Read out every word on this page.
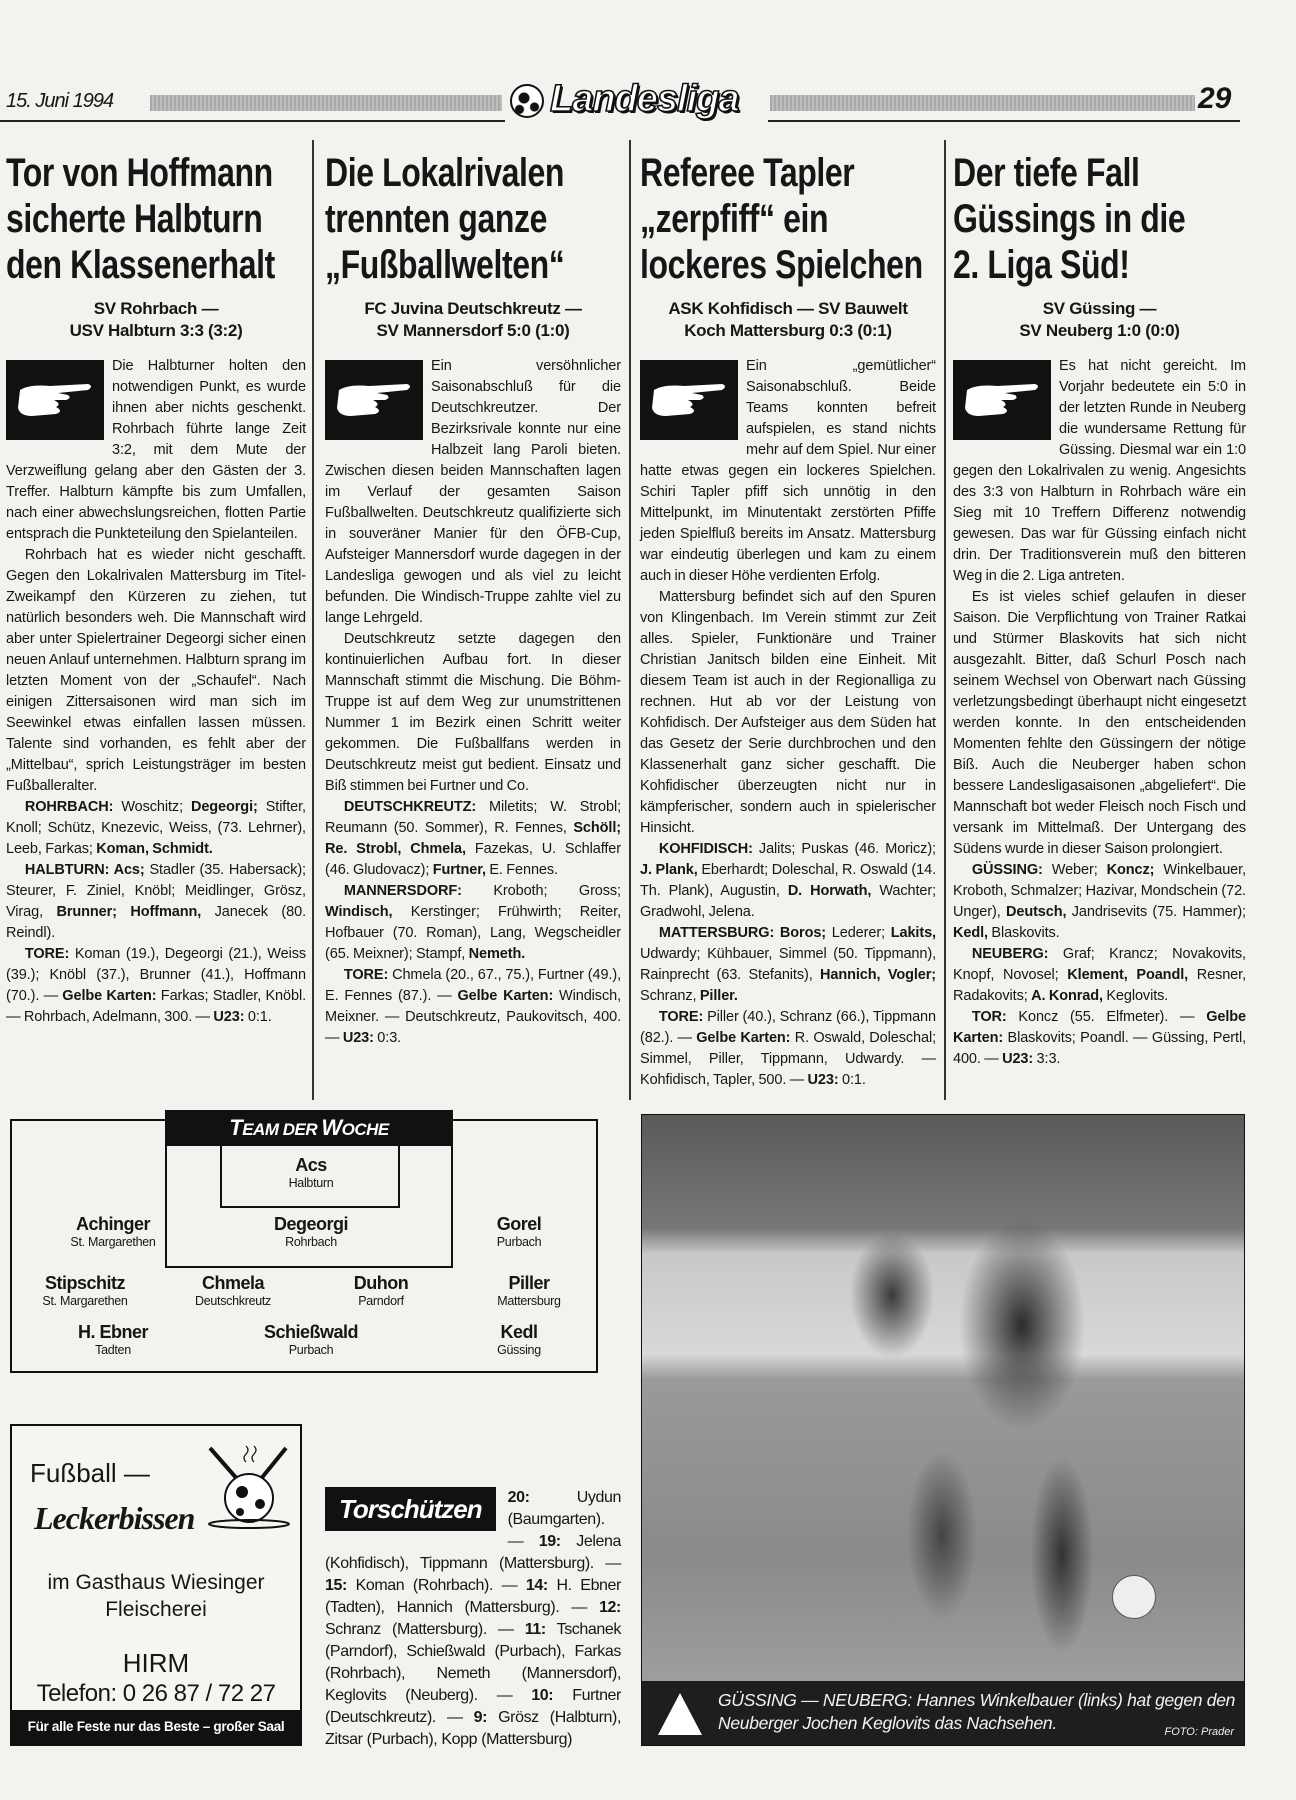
15. Juni 1994	Landesliga	29
Tor von Hoffmann
sicherte Halbturn
den Klassenerhalt
SV Rohrbach —
USV Halbturn 3:3 (3:2)

Die Halbturner holten den notwendigen Punkt, es wurde ihnen aber nichts geschenkt. Rohrbach führte lange Zeit 3:2, mit dem Mute der Verzweiflung gelang aber den Gästen der 3. Treffer. Halbturn kämpfte bis zum Umfallen, nach einer abwechslungsreichen, flotten Partie entsprach die Punkteteilung den Spielanteilen.

Rohrbach hat es wieder nicht geschafft. Gegen den Lokalrivalen Mattersburg im Titel-Zweikampf den Kürzeren zu ziehen, tut natürlich besonders weh. Die Mannschaft wird aber unter Spielertrainer Degeorgi sicher einen neuen Anlauf unternehmen. Halbturn sprang im letzten Moment von der „Schaufel“. Nach einigen Zittersaisonen wird man sich im Seewinkel etwas einfallen lassen müssen. Talente sind vorhanden, es fehlt aber der „Mittelbau“, sprich Leistungsträger im besten Fußballeralter.

ROHRBACH: Woschitz; Degeorgi; Stifter, Knoll; Schütz, Knezevic, Weiss, (73. Lehrner), Leeb, Farkas; Koman, Schmidt.

HALBTURN: Acs; Stadler (35. Habersack); Steurer, F. Ziniel, Knöbl; Meidlinger, Grösz, Virag, Brunner; Hoffmann, Janecek (80. Reindl).

TORE: Koman (19.), Degeorgi (21.), Weiss (39.); Knöbl (37.), Brunner (41.), Hoffmann (70.). — Gelbe Karten: Farkas; Stadler, Knöbl. — Rohrbach, Adelmann, 300. — U23: 0:1.

Die Lokalrivalen
trennten ganze
„Fußballwelten“
FC Juvina Deutschkreutz —
SV Mannersdorf 5:0 (1:0)

Ein versöhnlicher Saisonabschluß für die Deutschkreutzer. Der Bezirksrivale konnte nur eine Halbzeit lang Paroli bieten. Zwischen diesen beiden Mannschaften lagen im Verlauf der gesamten Saison Fußballwelten. Deutschkreutz qualifizierte sich in souveräner Manier für den ÖFB-Cup, Aufsteiger Mannersdorf wurde dagegen in der Landesliga gewogen und als viel zu leicht befunden. Die Windisch-Truppe zahlte viel zu lange Lehrgeld.

Deutschkreutz setzte dagegen den kontinuierlichen Aufbau fort. In dieser Mannschaft stimmt die Mischung. Die Böhm-Truppe ist auf dem Weg zur unumstrittenen Nummer 1 im Bezirk einen Schritt weiter gekommen. Die Fußballfans werden in Deutschkreutz meist gut bedient. Einsatz und Biß stimmen bei Furtner und Co.

DEUTSCHKREUTZ: Miletits; W. Strobl; Reumann (50. Sommer), R. Fennes, Schöll; Re. Strobl, Chmela, Fazekas, U. Schlaffer (46. Gludovacz); Furtner, E. Fennes.

MANNERSDORF: Kroboth; Gross; Windisch, Kerstinger; Frühwirth; Reiter, Hofbauer (70. Roman), Lang, Wegscheidler (65. Meixner); Stampf, Nemeth.

TORE: Chmela (20., 67., 75.), Furtner (49.), E. Fennes (87.). — Gelbe Karten: Windisch, Meixner. — Deutschkreutz, Paukovitsch, 400. — U23: 0:3.

Referee Tapler
„zerpfiff“ ein
lockeres Spielchen
ASK Kohfidisch — SV Bauwelt
Koch Mattersburg 0:3 (0:1)

Ein „gemütlicher“ Saisonabschluß. Beide Teams konnten befreit aufspielen, es stand nichts mehr auf dem Spiel. Nur einer hatte etwas gegen ein lockeres Spielchen. Schiri Tapler pfiff sich unnötig in den Mittelpunkt, im Minutentakt zerstörten Pfiffe jeden Spielfluß bereits im Ansatz. Mattersburg war eindeutig überlegen und kam zu einem auch in dieser Höhe verdienten Erfolg.

Mattersburg befindet sich auf den Spuren von Klingenbach. Im Verein stimmt zur Zeit alles. Spieler, Funktionäre und Trainer Christian Janitsch bilden eine Einheit. Mit diesem Team ist auch in der Regionalliga zu rechnen. Hut ab vor der Leistung von Kohfidisch. Der Aufsteiger aus dem Süden hat das Gesetz der Serie durchbrochen und den Klassenerhalt ganz sicher geschafft. Die Kohfidischer überzeugten nicht nur in kämpferischer, sondern auch in spielerischer Hinsicht.

KOHFIDISCH: Jalits; Puskas (46. Moricz); J. Plank, Eberhardt; Doleschal, R. Oswald (14. Th. Plank), Augustin, D. Horwath, Wachter; Gradwohl, Jelena.

MATTERSBURG: Boros; Lederer; Lakits, Udwardy; Kühbauer, Simmel (50. Tippmann), Rainprecht (63. Stefanits), Hannich, Vogler; Schranz, Piller.

TORE: Piller (40.), Schranz (66.), Tippmann (82.). — Gelbe Karten: R. Oswald, Doleschal; Simmel, Piller, Tippmann, Udwardy. — Kohfidisch, Tapler, 500. — U23: 0:1.

Der tiefe Fall
Güssings in die
2. Liga Süd!
SV Güssing —
SV Neuberg 1:0 (0:0)

Es hat nicht gereicht. Im Vorjahr bedeutete ein 5:0 in der letzten Runde in Neuberg die wundersame Rettung für Güssing. Diesmal war ein 1:0 gegen den Lokalrivalen zu wenig. Angesichts des 3:3 von Halbturn in Rohrbach wäre ein Sieg mit 10 Treffern Differenz notwendig gewesen. Das war für Güssing einfach nicht drin. Der Traditionsverein muß den bitteren Weg in die 2. Liga antreten.

Es ist vieles schief gelaufen in dieser Saison. Die Verpflichtung von Trainer Ratkai und Stürmer Blaskovits hat sich nicht ausgezahlt. Bitter, daß Schurl Posch nach seinem Wechsel von Oberwart nach Güssing verletzungsbedingt überhaupt nicht eingesetzt werden konnte. In den entscheidenden Momenten fehlte den Güssingern der nötige Biß. Auch die Neuberger haben schon bessere Landesligasaisonen „abgeliefert“. Die Mannschaft bot weder Fleisch noch Fisch und versank im Mittelmaß. Der Untergang des Südens wurde in dieser Saison prolongiert.

GÜSSING: Weber; Koncz; Winkelbauer, Kroboth, Schmalzer; Hazivar, Mondschein (72. Unger), Deutsch, Jandrisevits (75. Hammer); Kedl, Blaskovits.

NEUBERG: Graf; Krancz; Novakovits, Knopf, Novosel; Klement, Poandl, Resner, Radakovits; A. Konrad, Keglovits.

TOR: Koncz (55. Elfmeter). — Gelbe Karten: Blaskovits; Poandl. — Güssing, Pertl, 400. — U23: 3:3.

TEAM DER WOCHE
Acs
Halbturn
Achinger
St. Margarethen
Degeorgi
Rohrbach
Gorel
Purbach
Stipschitz
St. Margarethen
Chmela
Deutschkreutz
Duhon
Parndorf
Piller
Mattersburg
H. Ebner
Tadten
Schießwald
Purbach
Kedl
Güssing
Fußball —
Leckerbissen
im Gasthaus Wiesinger
Fleischerei
HIRM
Telefon: 0 26 87 / 72 27
Für alle Feste nur das Beste – großer Saal
Torschützen	20: Uydun (Baumgarten). — 19: Jelena (Kohfidisch), Tippmann (Mattersburg). — 15: Koman (Rohrbach). — 14: H. Ebner (Tadten), Hannich (Mattersburg). — 12: Schranz (Mattersburg). — 11: Tschanek (Parndorf), Schießwald (Purbach), Farkas (Rohrbach), Nemeth (Mannersdorf), Keglovits (Neuberg). — 10: Furtner (Deutschkreutz). — 9: Grösz (Halbturn), Zitsar (Purbach), Kopp (Mattersburg)
GÜSSING — NEUBERG: Hannes Winkelbauer (links) hat gegen den Neuberger Jochen Keglovits das Nachsehen.	FOTO: Prader
